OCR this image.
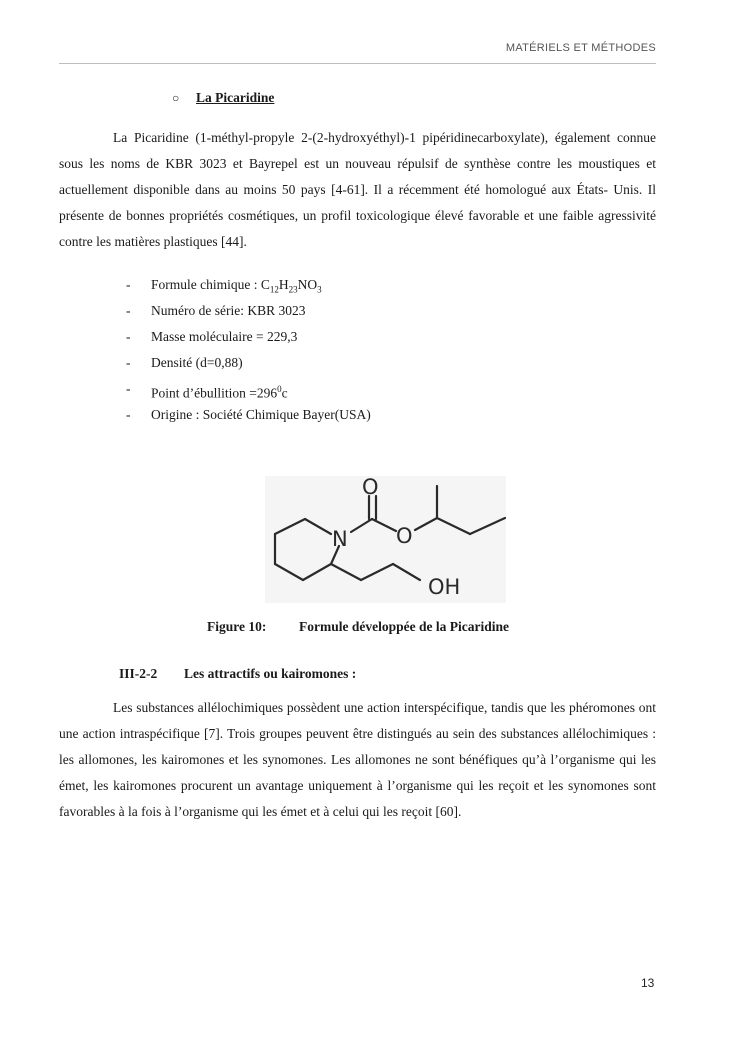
MATÉRIELS ET MÉTHODES
○ La Picaridine

La Picaridine (1-méthyl-propyle 2-(2-hydroxyéthyl)-1 pipéridinecarboxylate), également connue sous les noms de KBR 3023 et Bayrepel est un nouveau répulsif de synthèse contre les moustiques et actuellement disponible dans au moins 50 pays [4-61]. Il a récemment été homologué aux États- Unis. Il présente de bonnes propriétés cosmétiques, un profil toxicologique élevé favorable et une faible agressivité contre les matières plastiques [44].

-	Formule chimique : $C_{12}H_{23}NO_3$
-	Numéro de série: KBR 3023
-	Masse moléculaire = 229,3
-	Densité (d=0,88)
-	Point d’ébullition $=296^0c$
-	Origine : Société Chimique Bayer(USA)
O
N O
OH
Figure 10: Formule développée de la Picaridine
III-2-2 Les attractifs ou kairomones :

Les substances allélochimiques possèdent une action interspécifique, tandis que les phéromones ont une action intraspécifique [7]. Trois groupes peuvent être distingués au sein des substances allélochimiques : les allomones, les kairomones et les synomones. Les allomones ne sont bénéfiques qu’à l’organisme qui les émet, les kairomones procurent un avantage uniquement à l’organisme qui les reçoit et les synomones sont favorables à la fois à l’organisme qui les émet et à celui qui les reçoit [60].

13
